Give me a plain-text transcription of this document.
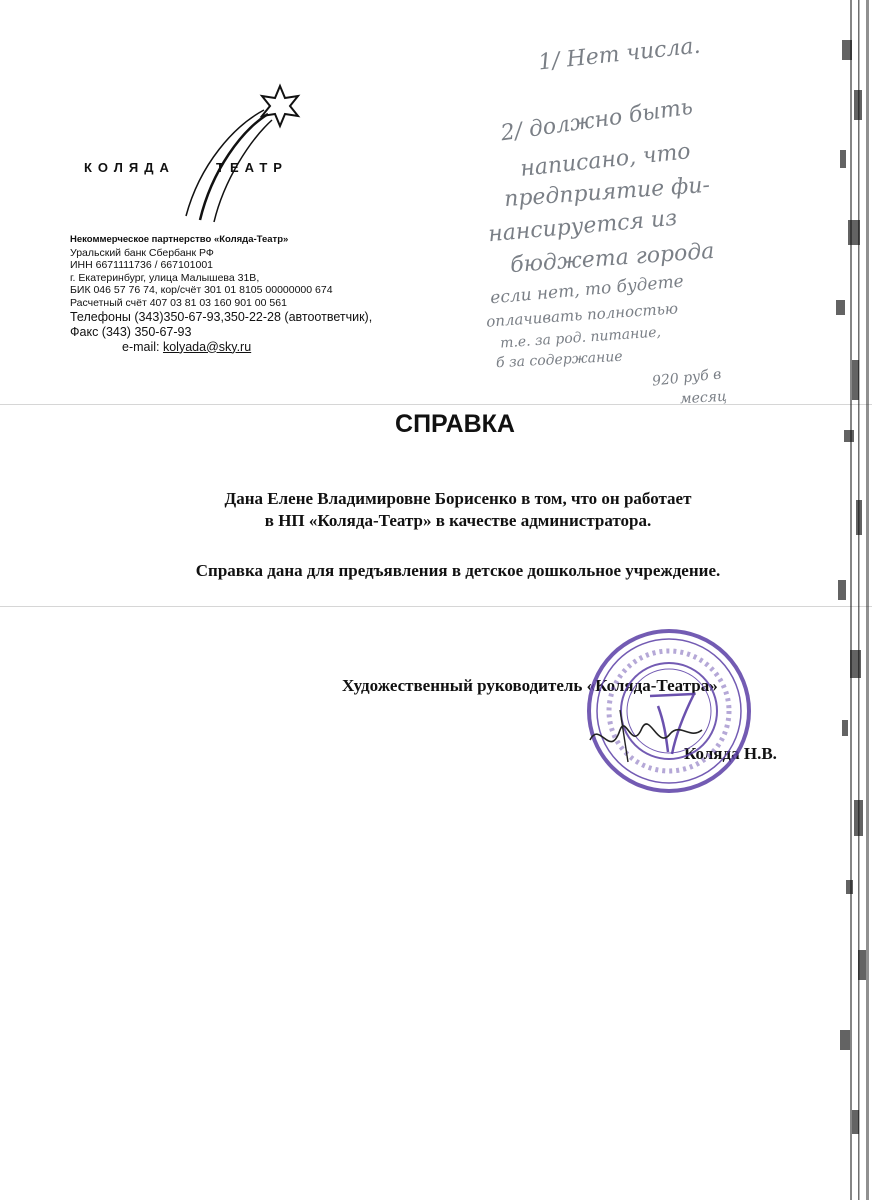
КОЛЯДА	ТЕАТР
Некоммерческое партнерство «Коляда-Театр»
Уральский банк Сбербанк РФ
ИНН 6671111736 / 667101001
г. Екатеринбург, улица Малышева 31В,
БИК 046 57 76 74, кор/счёт 301 01 8105 00000000 674
Расчетный счёт 407 03 81 03 160 901 00 561
Телефоны (343)350-67-93,350-22-28 (автоответчик),
Факс (343) 350-67-93
e-mail: kolyada@sky.ru
1/ Нет числа.
2/ должно быть
написано, что
предприятие фи-
нансируется из
бюджета города
если нет, то будете
оплачивать полностью
т.е. за род. питание,
б за содержание
920 руб в
месяц
СПРАВКА
Дана Елене Владимировне Борисенко в том, что он работает
в НП «Коляда-Театр» в качестве администратора.
Справка дана для предъявления в детское дошкольное учреждение.
Художественный руководитель «Коляда-Театра»
Коляда Н.В.
